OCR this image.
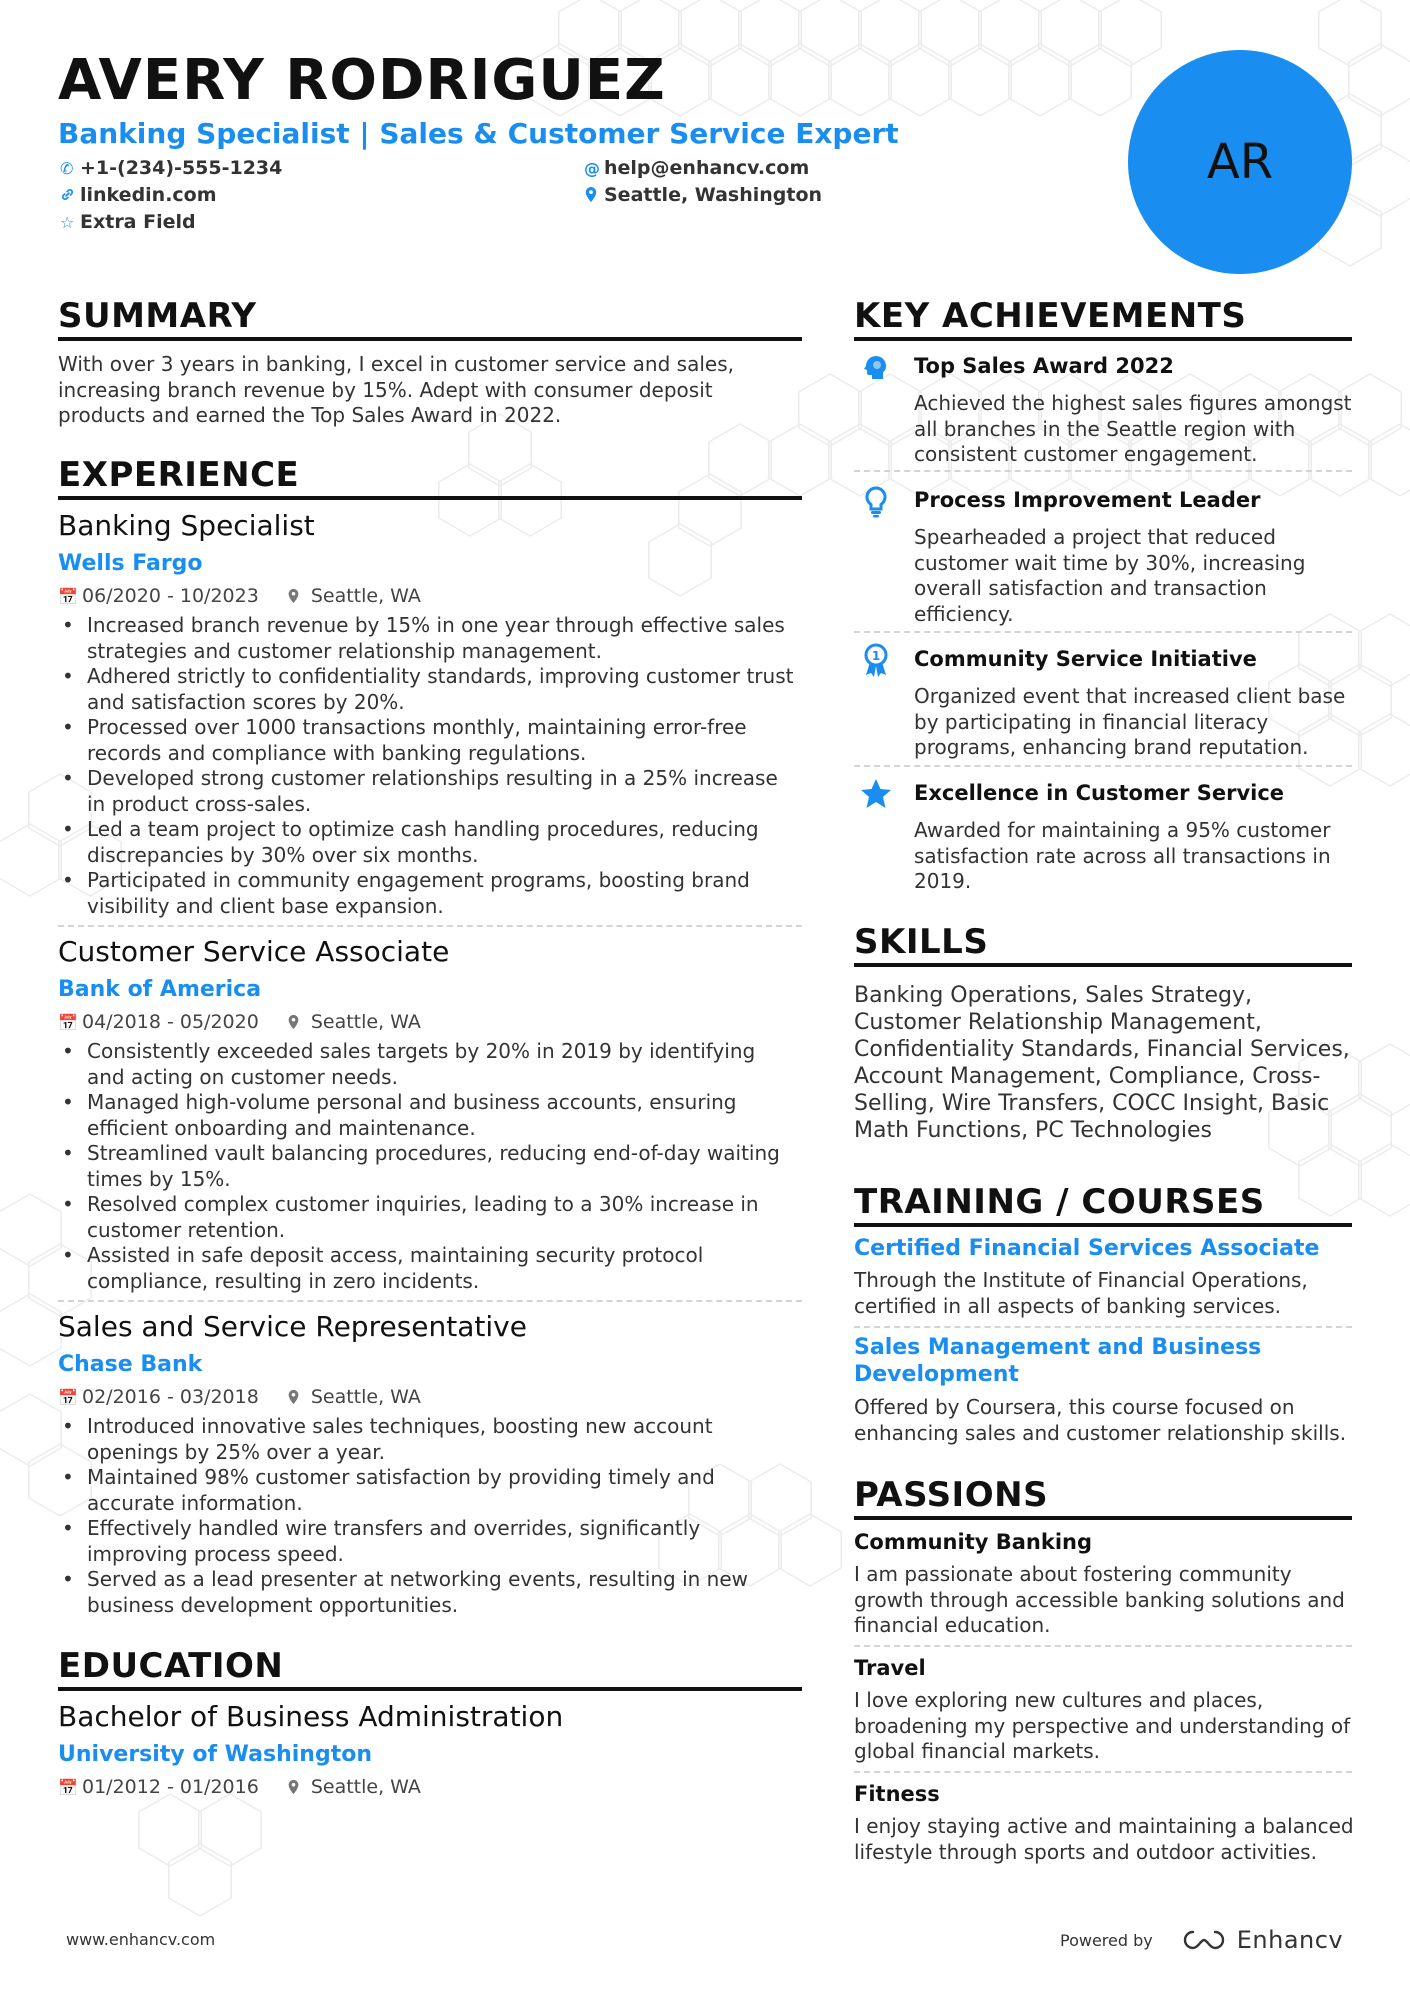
AVERY RODRIGUEZ
Banking Specialist | Sales & Customer Service Expert
✆ +1-(234)-555-1234	@ help@enhancv.com
linkedin.com	Seattle, Washington
☆ Extra Field
AR
SUMMARY
With over 3 years in banking, I excel in customer service and sales, increasing branch revenue by 15%. Adept with consumer deposit products and earned the Top Sales Award in 2022.
EXPERIENCE
Banking Specialist
Wells Fargo
📅 06/2020 - 10/2023	Seattle, WA
• Increased branch revenue by 15% in one year through effective sales strategies and customer relationship management.
• Adhered strictly to confidentiality standards, improving customer trust and satisfaction scores by 20%.
• Processed over 1000 transactions monthly, maintaining error-free records and compliance with banking regulations.
• Developed strong customer relationships resulting in a 25% increase in product cross-sales.
• Led a team project to optimize cash handling procedures, reducing discrepancies by 30% over six months.
• Participated in community engagement programs, boosting brand visibility and client base expansion.
Customer Service Associate
Bank of America
📅 04/2018 - 05/2020	Seattle, WA
• Consistently exceeded sales targets by 20% in 2019 by identifying and acting on customer needs.
• Managed high-volume personal and business accounts, ensuring efficient onboarding and maintenance.
• Streamlined vault balancing procedures, reducing end-of-day waiting times by 15%.
• Resolved complex customer inquiries, leading to a 30% increase in customer retention.
• Assisted in safe deposit access, maintaining security protocol compliance, resulting in zero incidents.
Sales and Service Representative
Chase Bank
📅 02/2016 - 03/2018	Seattle, WA
• Introduced innovative sales techniques, boosting new account openings by 25% over a year.
• Maintained 98% customer satisfaction by providing timely and accurate information.
• Effectively handled wire transfers and overrides, significantly improving process speed.
• Served as a lead presenter at networking events, resulting in new business development opportunities.
EDUCATION
Bachelor of Business Administration
University of Washington
📅 01/2012 - 01/2016	Seattle, WA
KEY ACHIEVEMENTS
Top Sales Award 2022
Achieved the highest sales figures amongst all branches in the Seattle region with consistent customer engagement.
Process Improvement Leader
Spearheaded a project that reduced customer wait time by 30%, increasing overall satisfaction and transaction efficiency.
1 Community Service Initiative
Organized event that increased client base by participating in financial literacy programs, enhancing brand reputation.
Excellence in Customer Service
Awarded for maintaining a 95% customer satisfaction rate across all transactions in 2019.
SKILLS
Banking Operations, Sales Strategy, Customer Relationship Management, Confidentiality Standards, Financial Services, Account Management, Compliance, Cross-Selling, Wire Transfers, COCC Insight, Basic Math Functions, PC Technologies
TRAINING / COURSES
Certified Financial Services Associate
Through the Institute of Financial Operations, certified in all aspects of banking services.
Sales Management and Business Development
Offered by Coursera, this course focused on enhancing sales and customer relationship skills.
PASSIONS
Community Banking
I am passionate about fostering community growth through accessible banking solutions and financial education.
Travel
I love exploring new cultures and places, broadening my perspective and understanding of global financial markets.
Fitness
I enjoy staying active and maintaining a balanced lifestyle through sports and outdoor activities.
www.enhancv.com	Powered by	Enhancv
